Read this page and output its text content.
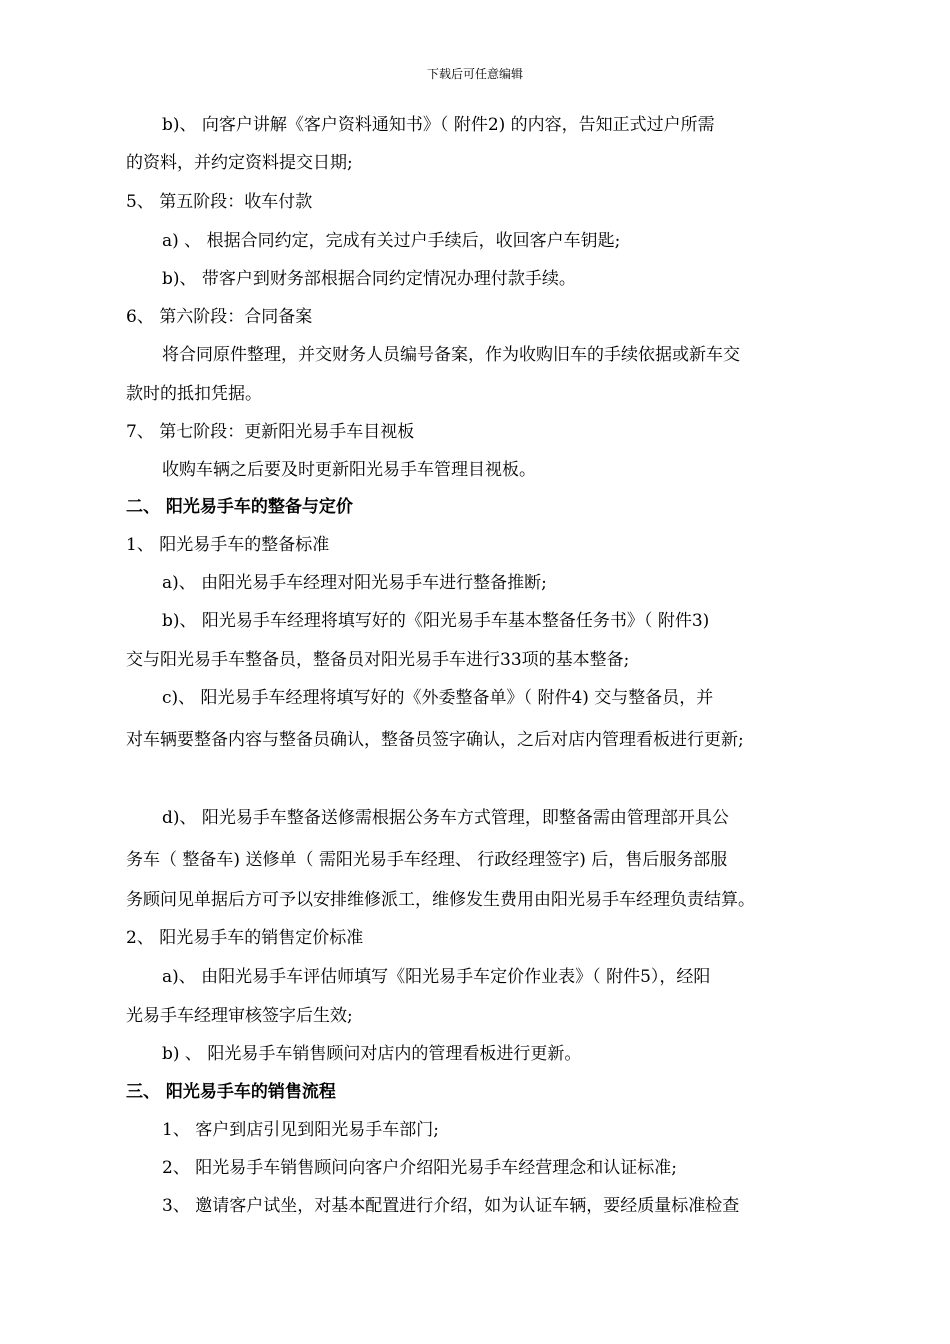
下载后可任意编辑
b)、 向客户讲解《客户资料通知书》（ 附件2) 的内容，告知正式过户所需
的资料，并约定资料提交日期;
5、 第五阶段：收车付款
a) 、 根据合同约定，完成有关过户手续后，收回客户车钥匙;
b)、 带客户到财务部根据合同约定情况办理付款手续。
6、 第六阶段：合同备案
将合同原件整理，并交财务人员编号备案，作为收购旧车的手续依据或新车交
款时的抵扣凭据。
7、 第七阶段：更新阳光易手车目视板
收购车辆之后要及时更新阳光易手车管理目视板。
二、 阳光易手车的整备与定价
1、 阳光易手车的整备标准
a)、 由阳光易手车经理对阳光易手车进行整备推断;
b)、 阳光易手车经理将填写好的《阳光易手车基本整备任务书》（ 附件3)
交与阳光易手车整备员，整备员对阳光易手车进行33项的基本整备;
c)、 阳光易手车经理将填写好的《外委整备单》（ 附件4) 交与整备员，并
对车辆要整备内容与整备员确认，整备员签字确认，之后对店内管理看板进行更新;
d)、 阳光易手车整备送修需根据公务车方式管理，即整备需由管理部开具公
务车（ 整备车) 送修单（ 需阳光易手车经理、 行政经理签字) 后，售后服务部服
务顾问见单据后方可予以安排维修派工，维修发生费用由阳光易手车经理负责结算。
2、 阳光易手车的销售定价标准
a)、 由阳光易手车评估师填写《阳光易手车定价作业表》（ 附件5），经阳
光易手车经理审核签字后生效;
b) 、 阳光易手车销售顾问对店内的管理看板进行更新。
三、 阳光易手车的销售流程
1、 客户到店引见到阳光易手车部门;
2、 阳光易手车销售顾问向客户介绍阳光易手车经营理念和认证标准;
3、 邀请客户试坐，对基本配置进行介绍，如为认证车辆，要经质量标准检查
